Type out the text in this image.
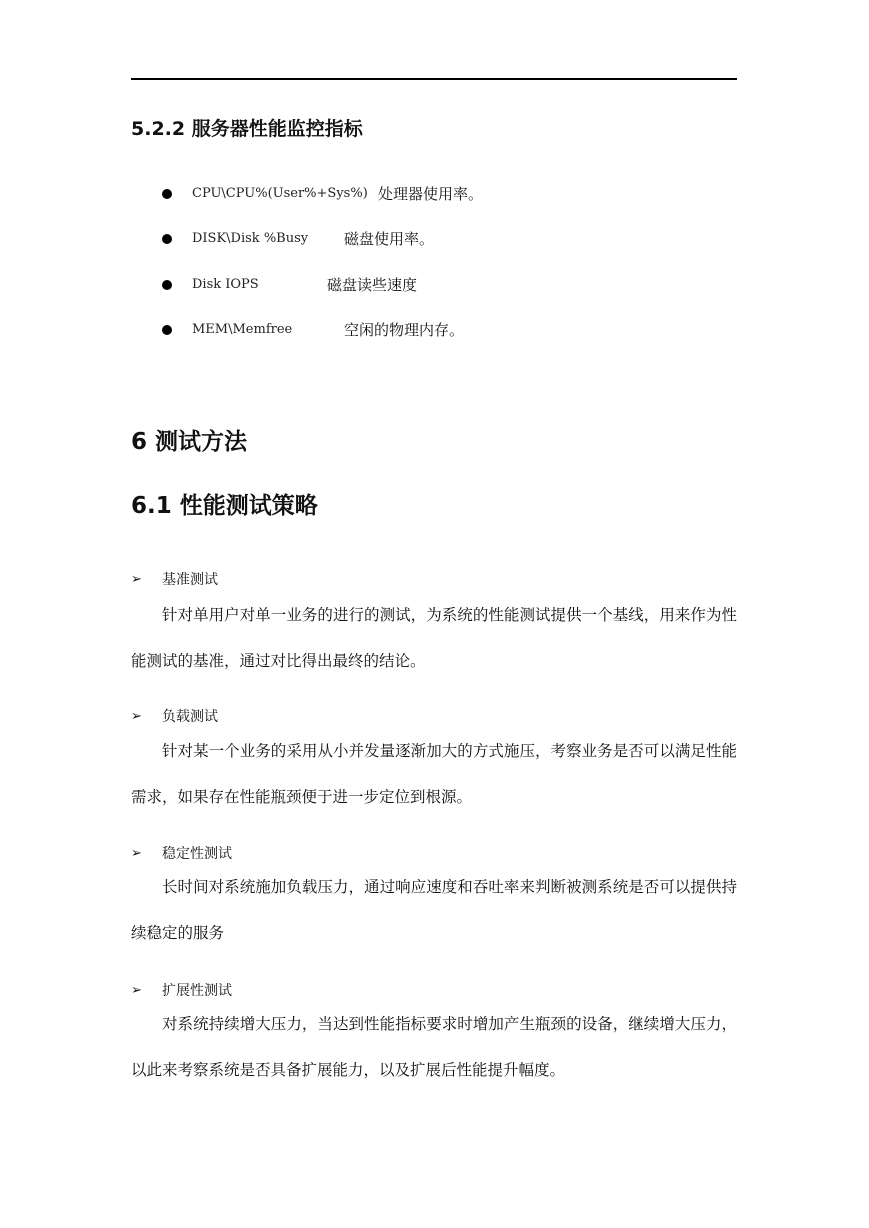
5.2.2 服务器性能监控指标
CPU\CPU%(User%+Sys%) 处理器使用率。
DISK\Disk %Busy 磁盘使用率。
Disk IOPS	磁盘读些速度
MEM\Memfree	空闲的物理内存。
6 测试方法
6.1 性能测试策略
➢ 基准测试
针对单用户对单一业务的进行的测试，为系统的性能测试提供一个基线，用来作为性能测试的基准，通过对比得出最终的结论。
➢ 负载测试
针对某一个业务的采用从小并发量逐渐加大的方式施压，考察业务是否可以满足性能需求，如果存在性能瓶颈便于进一步定位到根源。
➢ 稳定性测试
长时间对系统施加负载压力，通过响应速度和吞吐率来判断被测系统是否可以提供持续稳定的服务
➢ 扩展性测试
对系统持续增大压力，当达到性能指标要求时增加产生瓶颈的设备，继续增大压力，以此来考察系统是否具备扩展能力，以及扩展后性能提升幅度。
